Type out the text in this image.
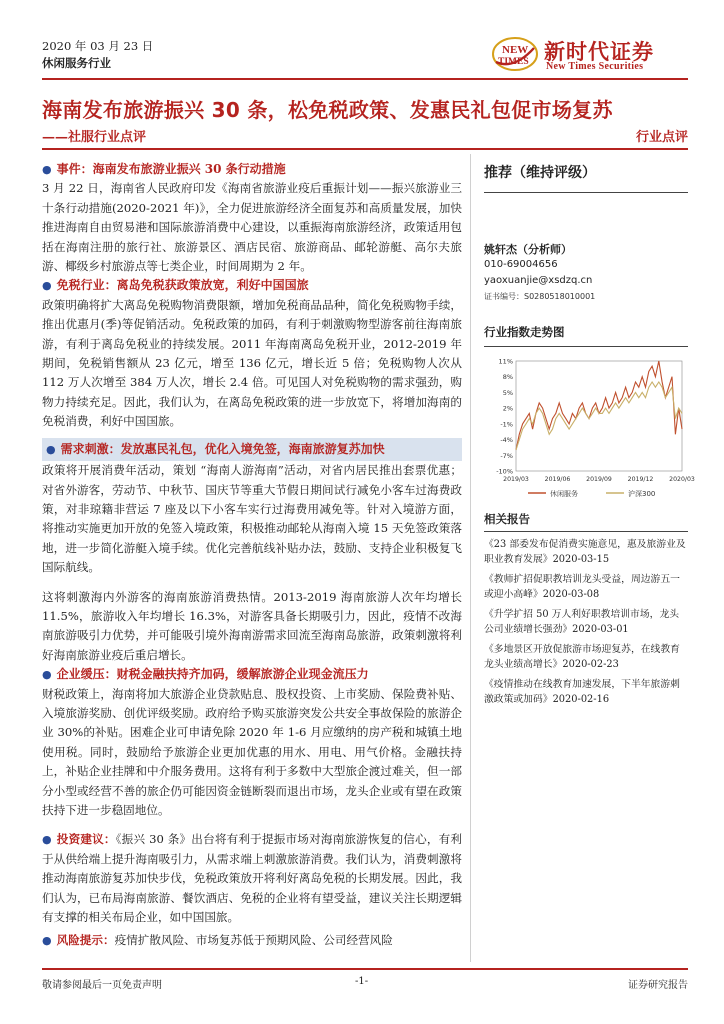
2020 年 03 月 23 日
休闲服务行业
NEW
TIMES 新时代证券
New Times Securities
海南发布旅游振兴 30 条，松免税政策、发惠民礼包促市场复苏
——社服行业点评	行业点评
● 事件：海南发布旅游业振兴 30 条行动措施
3 月 22 日，海南省人民政府印发《海南省旅游业疫后重振计划——振兴旅游业三十条行动措施(2020-2021 年)》，全力促进旅游经济全面复苏和高质量发展，加快推进海南自由贸易港和国际旅游消费中心建设，以重振海南旅游经济，政策适用包括在海南注册的旅行社、旅游景区、酒店民宿、旅游商品、邮轮游艇、高尔夫旅游、椰级乡村旅游点等七类企业，时间周期为 2 年。
● 免税行业：离岛免税获政策放宽，利好中国国旅
政策明确将扩大离岛免税购物消费限额，增加免税商品品种，简化免税购物手续，推出优惠月(季)等促销活动。免税政策的加码，有利于刺激购物型游客前往海南旅游，有利于离岛免税业的持续发展。2011 年海南离岛免税开业，2012-2019 年期间，免税销售额从 23 亿元，增至 136 亿元，增长近 5 倍；免税购物人次从 112 万人次增至 384 万人次，增长 2.4 倍。可见国人对免税购物的需求强劲，购物力持续充足。因此，我们认为，在离岛免税政策的进一步放宽下，将增加海南的免税消费，利好中国国旅。
● 需求刺激：发放惠民礼包，优化入境免签，海南旅游复苏加快
政策将开展消费年活动，策划 “海南人游海南”活动，对省内居民推出套票优惠；对省外游客，劳动节、中秋节、国庆节等重大节假日期间试行减免小客车过海费政策，对非琼籍非营运 7 座及以下小客车实行过海费用减免等。针对入境游方面，将推动实施更加开放的免签入境政策，积极推动邮轮从海南入境 15 天免签政策落地，进一步简化游艇入境手续。优化完善航线补贴办法，鼓励、支持企业积极复飞国际航线。
这将刺激海内外游客的海南旅游消费热情。2013-2019 海南旅游人次年均增长 11.5%，旅游收入年均增长 16.3%，对游客具备长期吸引力，因此，疫情不改海南旅游吸引力优势，并可能吸引境外海南游需求回流至海南岛旅游，政策刺激将利好海南旅游业疫后重启增长。
● 企业缓压：财税金融扶持齐加码，缓解旅游企业现金流压力
财税政策上，海南将加大旅游企业贷款贴息、股权投资、上市奖励、保险费补贴、入境旅游奖励、创优评级奖励。政府给予购买旅游突发公共安全事故保险的旅游企业 30%的补贴。困难企业可申请免除 2020 年 1-6 月应缴纳的房产税和城镇土地使用税。同时，鼓励给予旅游企业更加优惠的用水、用电、用气价格。金融扶持上，补贴企业挂牌和中介服务费用。这将有利于多数中大型旅企渡过难关，但一部分小型或经营不善的旅企仍可能因资金链断裂而退出市场，龙头企业或有望在政策扶持下进一步稳固地位。
● 投资建议：《振兴 30 条》出台将有利于提振市场对海南旅游恢复的信心，有利于从供给端上提升海南吸引力，从需求端上刺激旅游消费。我们认为，消费刺激将推动海南旅游复苏加快步伐，免税政策放开将利好离岛免税的长期发展。因此，我们认为，已布局海南旅游、餐饮酒店、免税的企业将有望受益，建议关注长期逻辑有支撑的相关布局企业，如中国国旅。
● 风险提示：疫情扩散风险、市场复苏低于预期风险、公司经营风险
推荐（维持评级）
姚轩杰（分析师）
010-69004656
yaoxuanjie@xsdzq.cn
证书编号：S0280518010001
行业指数走势图
11%
8%
5%
2%
-1%
-4%
-7%
-10%
2019/03	2019/06	2019/09	2019/12	2020/03
休闲服务	沪深300
相关报告
《23 部委发布促消费实施意见，惠及旅游业及职业教育发展》2020-03-15
《教师扩招促职教培训龙头受益，周边游五一或迎小高峰》2020-03-08
《升学扩招 50 万人利好职教培训市场，龙头公司业绩增长强劲》2020-03-01
《多地景区开放促旅游市场迎复苏，在线教育龙头业绩高增长》2020-02-23
《疫情推动在线教育加速发展，下半年旅游刺激政策或加码》2020-02-16
敬请参阅最后一页免责声明	-1-	证券研究报告
